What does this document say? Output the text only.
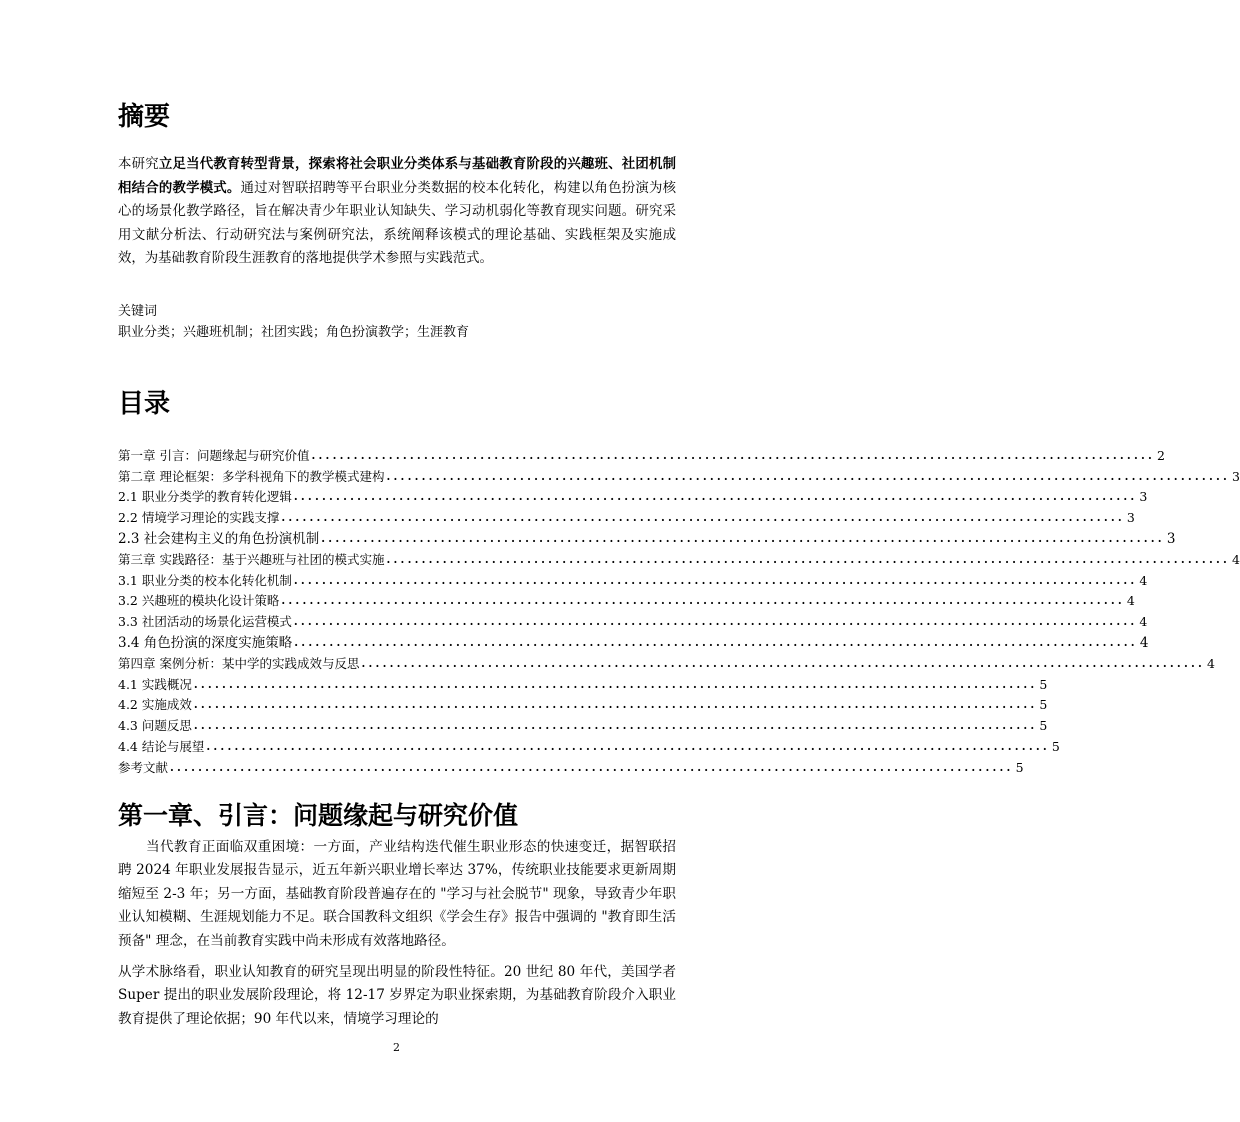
摘要

本研究立足当代教育转型背景，探索将社会职业分类体系与基础教育阶段的兴趣班、社团机制相结合的教学模式。通过对智联招聘等平台职业分类数据的校本化转化，构建以角色扮演为核心的场景化教学路径，旨在解决青少年职业认知缺失、学习动机弱化等教育现实问题。研究采用文献分析法、行动研究法与案例研究法，系统阐释该模式的理论基础、实践框架及实施成效，为基础教育阶段生涯教育的落地提供学术参照与实践范式。

关键词
职业分类；兴趣班机制；社团实践；角色扮演教学；生涯教育
目录
第一章 引言：问题缘起与研究价值 ........................................................................................................................ 2
第二章 理论框架：多学科视角下的教学模式建构 ........................................................................................................................ 3
2.1 职业分类学的教育转化逻辑 ........................................................................................................................ 3
2.2 情境学习理论的实践支撑 ........................................................................................................................ 3
2.3 社会建构主义的角色扮演机制 ........................................................................................................................ 3
第三章 实践路径：基于兴趣班与社团的模式实施 ........................................................................................................................ 4
3.1 职业分类的校本化转化机制 ........................................................................................................................ 4
3.2 兴趣班的模块化设计策略 ........................................................................................................................ 4
3.3 社团活动的场景化运营模式 ........................................................................................................................ 4
3.4 角色扮演的深度实施策略 ........................................................................................................................ 4
第四章 案例分析：某中学的实践成效与反思 ........................................................................................................................ 4
4.1 实践概况 ........................................................................................................................ 5
4.2 实施成效 ........................................................................................................................ 5
4.3 问题反思 ........................................................................................................................ 5
4.4 结论与展望 ........................................................................................................................ 5
参考文献 ........................................................................................................................ 5
第一章、引言：问题缘起与研究价值

当代教育正面临双重困境：一方面，产业结构迭代催生职业形态的快速变迁，据智联招聘 2024 年职业发展报告显示，近五年新兴职业增长率达 37%，传统职业技能要求更新周期缩短至 2-3 年；另一方面，基础教育阶段普遍存在的 "学习与社会脱节" 现象，导致青少年职业认知模糊、生涯规划能力不足。联合国教科文组织《学会生存》报告中强调的 "教育即生活预备" 理念，在当前教育实践中尚未形成有效落地路径。

从学术脉络看，职业认知教育的研究呈现出明显的阶段性特征。20 世纪 80 年代，美国学者 Super 提出的职业发展阶段理论，将 12-17 岁界定为职业探索期，为基础教育阶段介入职业教育提供了理论依据；90 年代以来，情境学习理论的

2
